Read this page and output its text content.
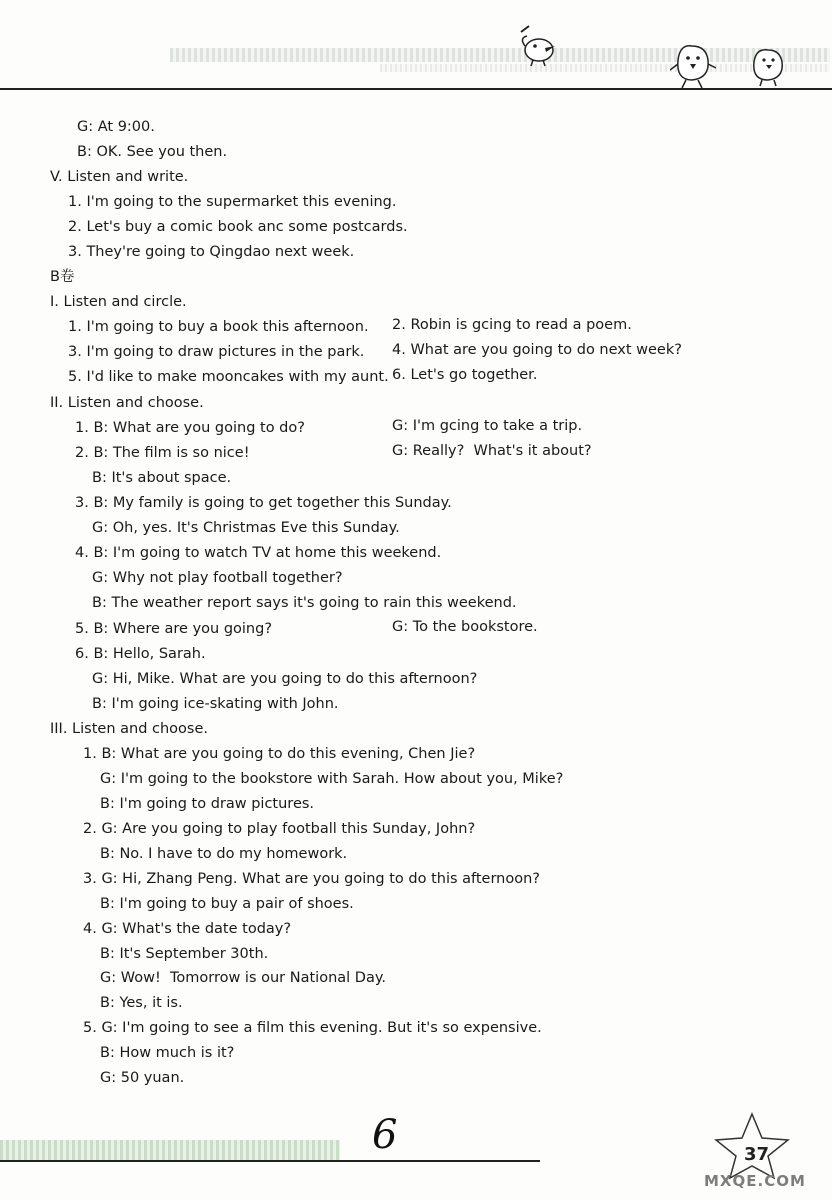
G: At 9:00.
B: OK. See you then.
V. Listen and write.
1. I'm going to the supermarket this evening.
2. Let's buy a comic book anc some postcards.
3. They're going to Qingdao next week.
B卷
I. Listen and circle.
1. I'm going to buy a book this afternoon. 2. Robin is gcing to read a poem.
3. I'm going to draw pictures in the park. 4. What are you going to do next week?
5. I'd like to make mooncakes with my aunt. 6. Let's go together.
II. Listen and choose.
1. B: What are you going to do?	G: I'm gcing to take a trip.
2. B: The film is so nice!	G: Really?  What's it about?
B: It's about space.
3. B: My family is going to get together this Sunday.
G: Oh, yes. It's Christmas Eve this Sunday.
4. B: I'm going to watch TV at home this weekend.
G: Why not play football together?
B: The weather report says it's going to rain this weekend.
5. B: Where are you going?	G: To the bookstore.
6. B: Hello, Sarah.
G: Hi, Mike. What are you going to do this afternoon?
B: I'm going ice-skating with John.
III. Listen and choose.
1. B: What are you going to do this evening, Chen Jie?
G: I'm going to the bookstore with Sarah. How about you, Mike?
B: I'm going to draw pictures.
2. G: Are you going to play football this Sunday, John?
B: No. I have to do my homework.
3. G: Hi, Zhang Peng. What are you going to do this afternoon?
B: I'm going to buy a pair of shoes.
4. G: What's the date today?
B: It's September 30th.
G: Wow!  Tomorrow is our National Day.
B: Yes, it is.
5. G: I'm going to see a film this evening. But it's so expensive.
B: How much is it?
G: 50 yuan.
6	37
MXQE.COM
